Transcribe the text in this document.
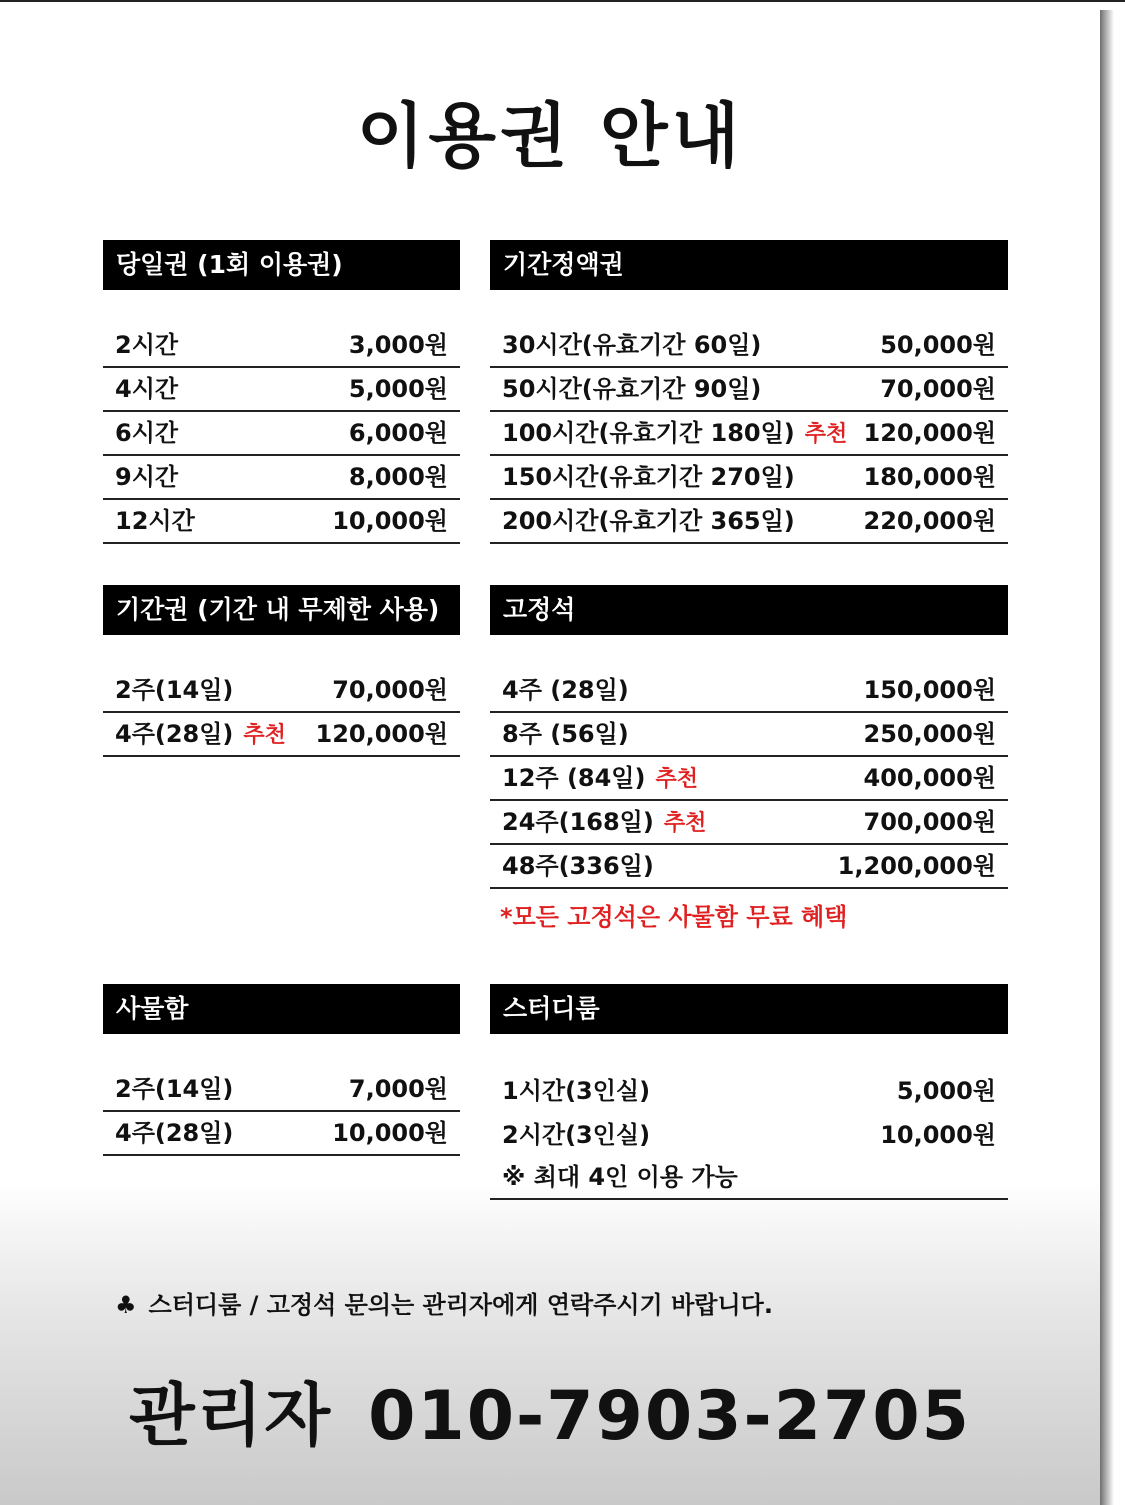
이용권 안내
당일권 (1회 이용권)
2시간	3,000원
4시간	5,000원
6시간	6,000원
9시간	8,000원
12시간	10,000원
기간정액권
30시간(유효기간 60일)	50,000원
50시간(유효기간 90일)	70,000원
100시간(유효기간 180일) 추천 120,000원
150시간(유효기간 270일)	180,000원
200시간(유효기간 365일)	220,000원
기간권 (기간 내 무제한 사용)
2주(14일)	70,000원
4주(28일) 추천 120,000원
고정석
4주 (28일)	150,000원
8주 (56일)	250,000원
12주 (84일) 추천	400,000원
24주(168일) 추천	700,000원
48주(336일)	1,200,000원
*모든 고정석은 사물함 무료 혜택
사물함
2주(14일)	7,000원
4주(28일)	10,000원
스터디룸
1시간(3인실)	5,000원
2시간(3인실)	10,000원
※ 최대 4인 이용 가능
♣ 스터디룸 / 고정석 문의는 관리자에게 연락주시기 바랍니다.
관리자 010-7903-2705
